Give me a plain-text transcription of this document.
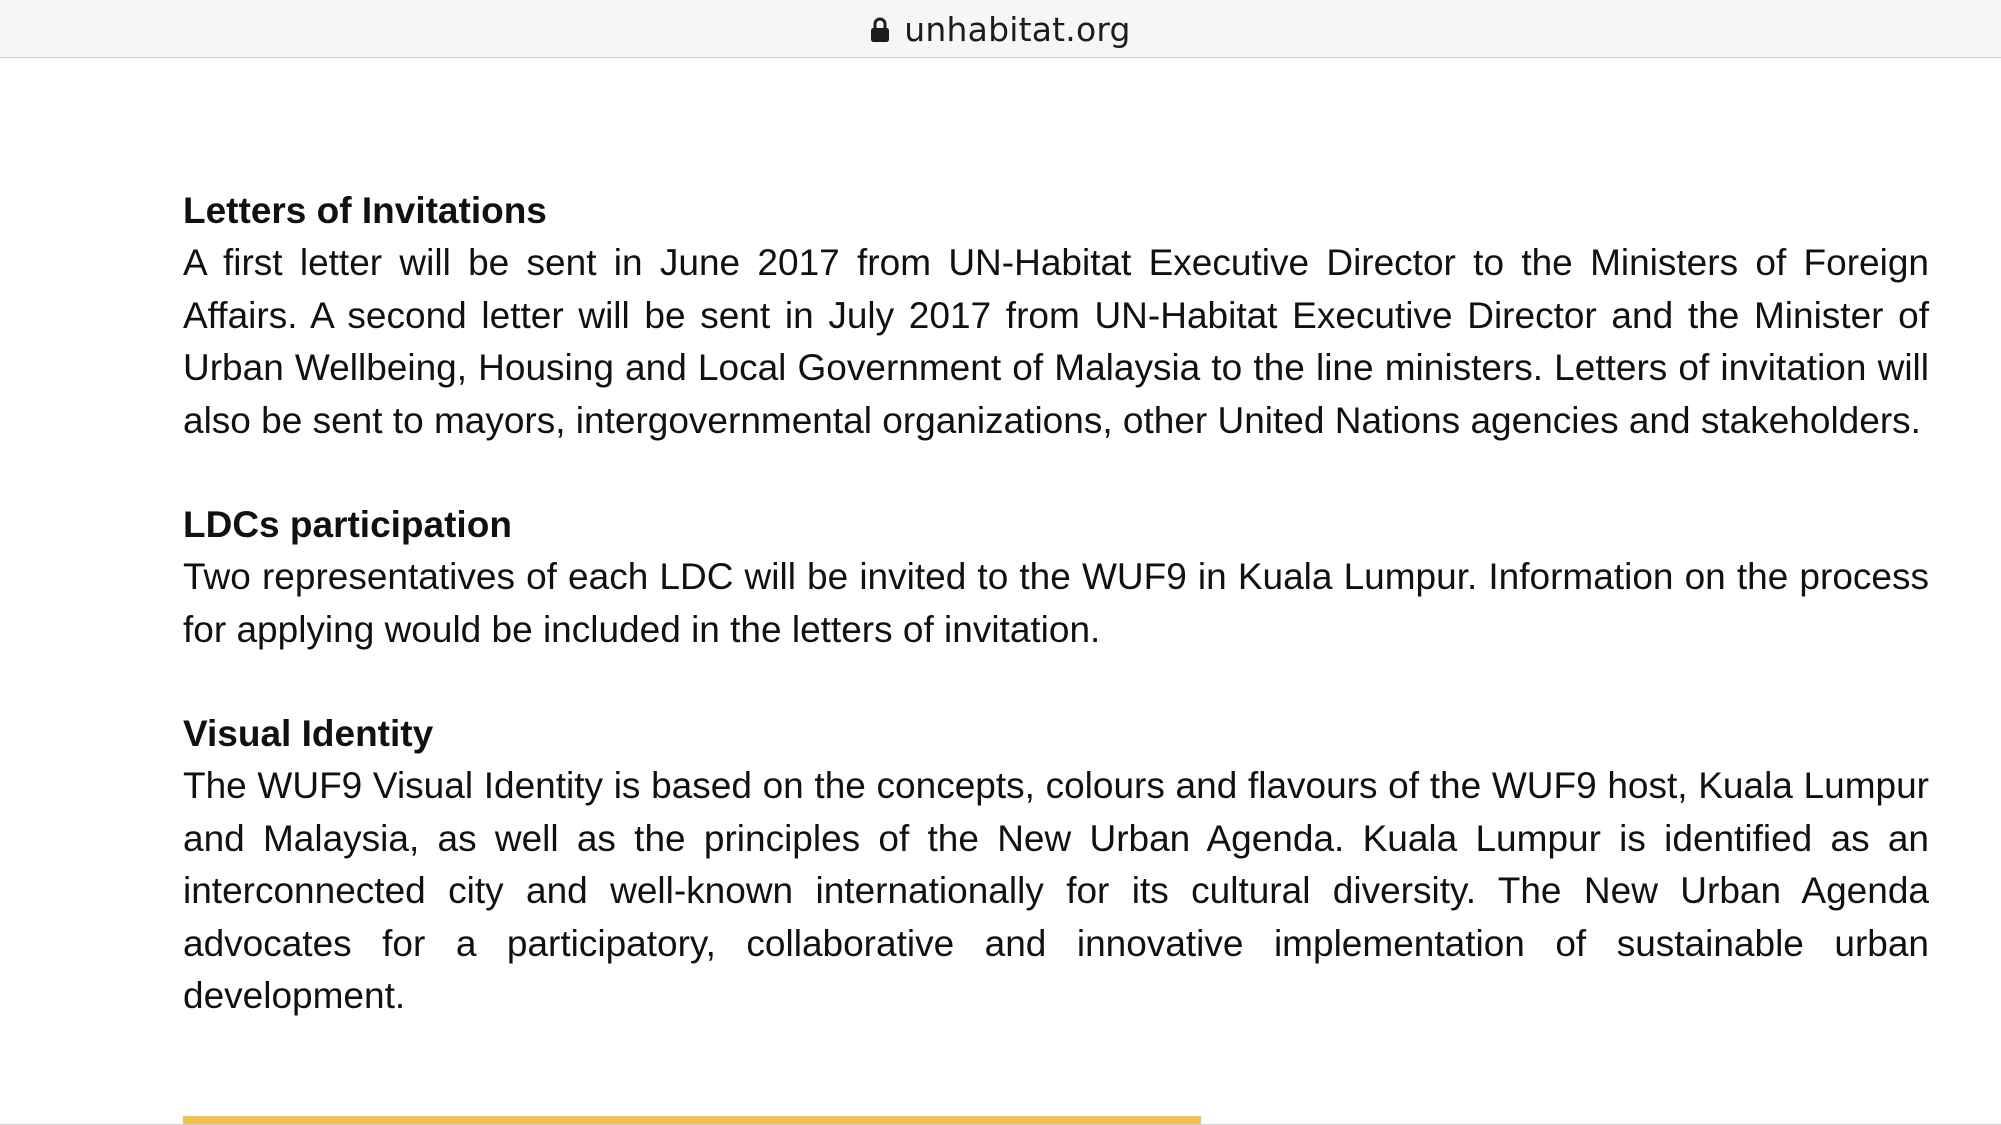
unhabitat.org

Letters of Invitations

A first letter will be sent in June 2017 from UN-Habitat Executive Director to the Ministers of Foreign Affairs. A second letter will be sent in July 2017 from UN-Habitat Executive Director and the Minister of Urban Wellbeing, Housing and Local Government of Malaysia to the line ministers. Letters of invitation will also be sent to mayors, intergovernmental organizations, other United Nations agencies and stakeholders.

LDCs participation

Two representatives of each LDC will be invited to the WUF9 in Kuala Lumpur. Information on the process for applying would be included in the letters of invitation.

Visual Identity

The WUF9 Visual Identity is based on the concepts, colours and flavours of the WUF9 host, Kuala Lumpur and Malaysia, as well as the principles of the New Urban Agenda. Kuala Lumpur is identified as an interconnected city and well-known internationally for its cultural diversity. The New Urban Agenda advocates for a participatory, collaborative and innovative implementation of sustainable urban development.
